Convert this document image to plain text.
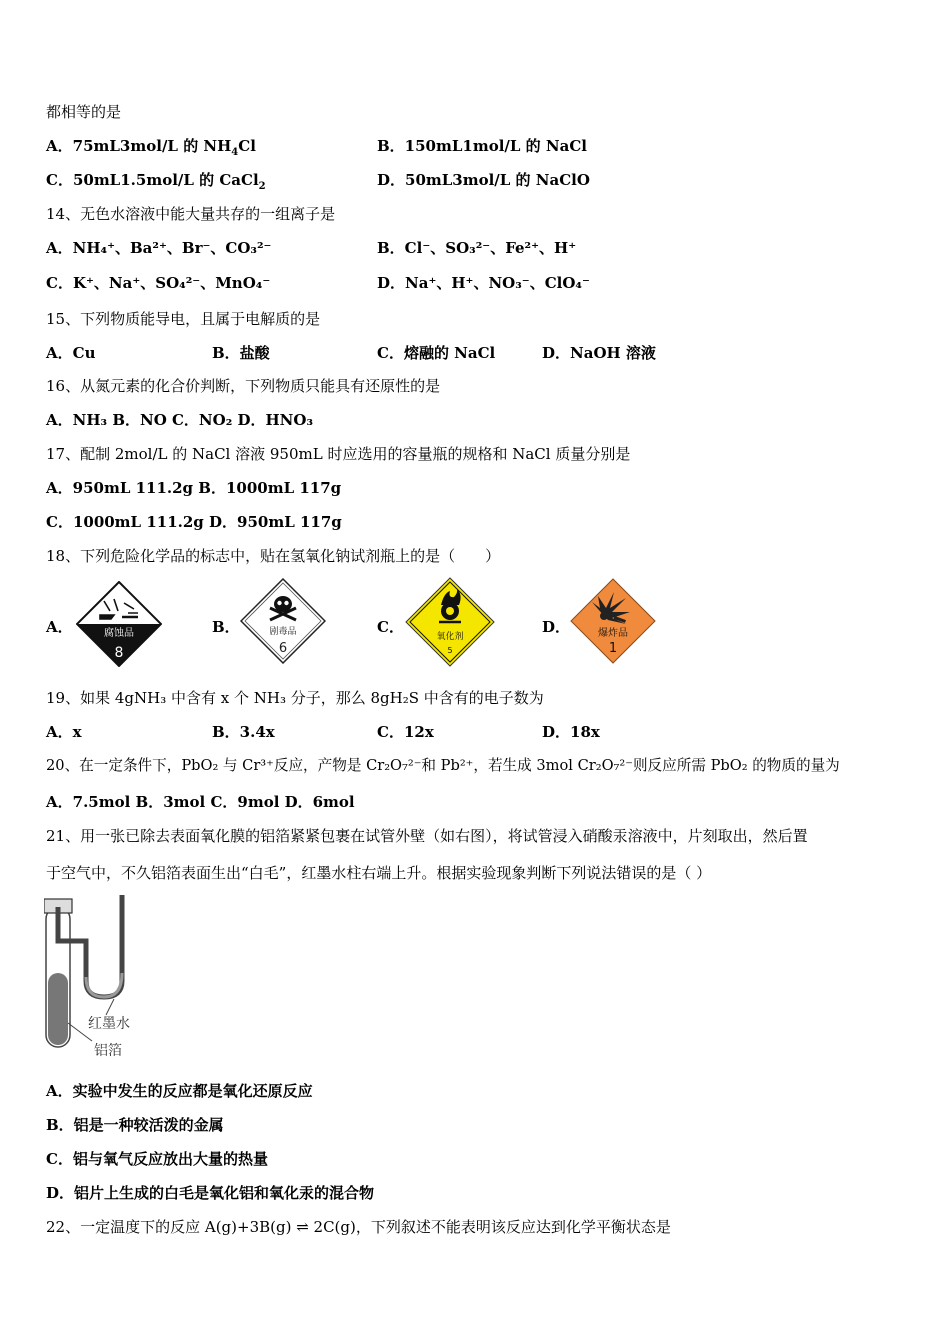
都相等的是
A．75mL3mol/L 的 $NH_4Cl$	B．150mL1mol/L 的 NaCl
C．50mL1.5mol/L 的 CaCl$_2$	D．50mL3mol/L 的 NaClO
14、无色水溶液中能大量共存的一组离子是
A．NH₄⁺、Ba²⁺、Br⁻、CO₃²⁻	B．Cl⁻、SO₃²⁻、Fe²⁺、H⁺
C．K⁺、Na⁺、SO₄²⁻、MnO₄⁻	D．Na⁺、H⁺、NO₃⁻、ClO₄⁻
15、下列物质能导电，且属于电解质的是
A．Cu	B．盐酸	C．熔融的 NaCl	D．NaOH 溶液
16、从氮元素的化合价判断，下列物质只能具有还原性的是
A．NH₃ B．NO C．NO₂ D．HNO₃
17、配制 2mol/L 的 NaCl 溶液 950mL 时应选用的容量瓶的规格和 NaCl 质量分别是
A．950mL 111.2g B．1000mL 117g
C．1000mL 111.2g D．950mL 117g
18、下列危险化学品的标志中，贴在氢氧化钠试剂瓶上的是（　　）
A．	腐蚀品
8
B．	剧毒品
6
C．
氧化剂
5
D．	爆炸品
1
19、如果 4gNH₃ 中含有 x 个 NH₃ 分子，那么 8gH₂S 中含有的电子数为
A．x	B．3.4x	C．12x	D．18x
20、在一定条件下，PbO₂ 与 Cr³⁺反应，产物是 Cr₂O₇²⁻和 Pb²⁺，若生成 3mol Cr₂O₇²⁻则反应所需 PbO₂ 的物质的量为
A．7.5mol B．3mol C．9mol D．6mol
21、用一张已除去表面氧化膜的铝箔紧紧包裹在试管外壁（如右图），将试管浸入硝酸汞溶液中，片刻取出，然后置
于空气中，不久铝箔表面生出“白毛”，红墨水柱右端上升。根据实验现象判断下列说法错误的是（ ）
红墨水
铝箔
A．实验中发生的反应都是氧化还原反应
B．铝是一种较活泼的金属
C．铝与氧气反应放出大量的热量
D．铝片上生成的白毛是氧化铝和氧化汞的混合物
22、一定温度下的反应 A(g)+3B(g) ⇌ 2C(g)，下列叙述不能表明该反应达到化学平衡状态是
